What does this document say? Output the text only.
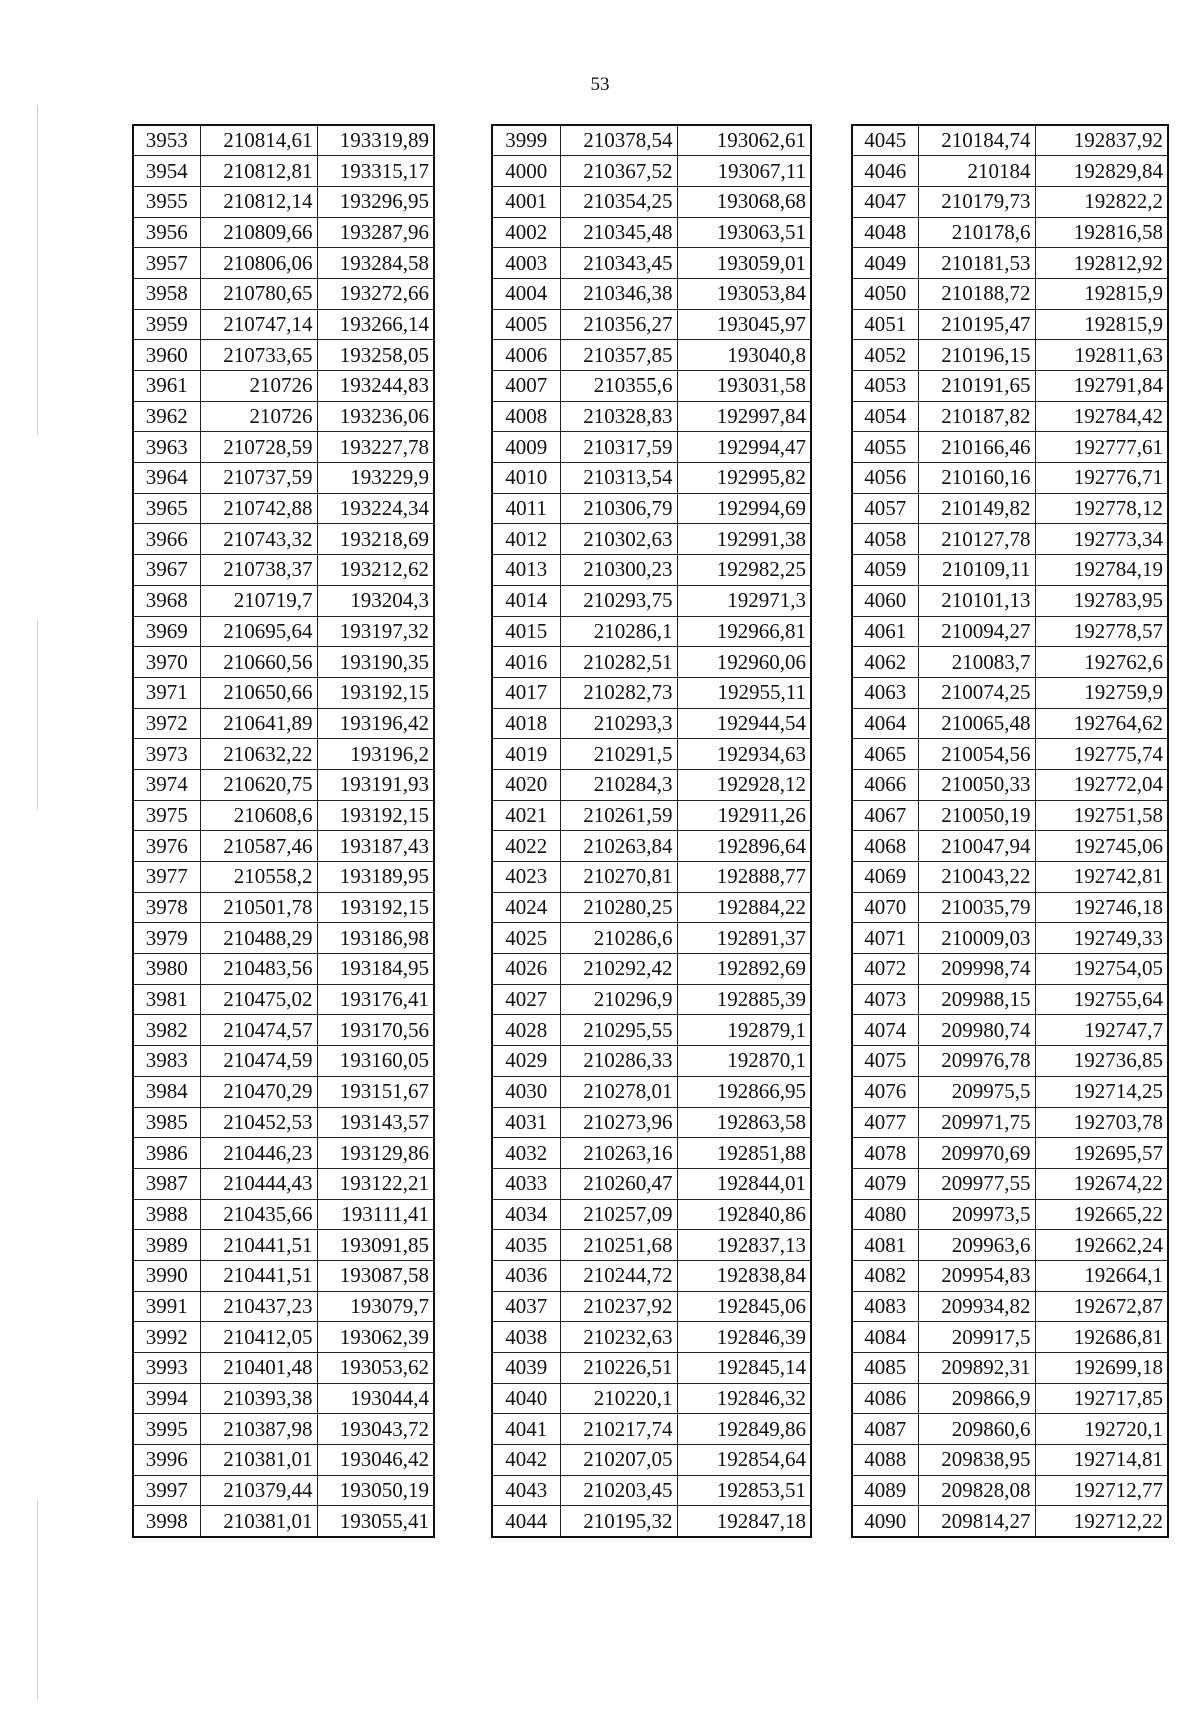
53
3953	210814,61	193319,89
3954	210812,81	193315,17
3955	210812,14	193296,95
3956	210809,66	193287,96
3957	210806,06	193284,58
3958	210780,65	193272,66
3959	210747,14	193266,14
3960	210733,65	193258,05
3961	210726	193244,83
3962	210726	193236,06
3963	210728,59	193227,78
3964	210737,59	193229,9
3965	210742,88	193224,34
3966	210743,32	193218,69
3967	210738,37	193212,62
3968	210719,7	193204,3
3969	210695,64	193197,32
3970	210660,56	193190,35
3971	210650,66	193192,15
3972	210641,89	193196,42
3973	210632,22	193196,2
3974	210620,75	193191,93
3975	210608,6	193192,15
3976	210587,46	193187,43
3977	210558,2	193189,95
3978	210501,78	193192,15
3979	210488,29	193186,98
3980	210483,56	193184,95
3981	210475,02	193176,41
3982	210474,57	193170,56
3983	210474,59	193160,05
3984	210470,29	193151,67
3985	210452,53	193143,57
3986	210446,23	193129,86
3987	210444,43	193122,21
3988	210435,66	193111,41
3989	210441,51	193091,85
3990	210441,51	193087,58
3991	210437,23	193079,7
3992	210412,05	193062,39
3993	210401,48	193053,62
3994	210393,38	193044,4
3995	210387,98	193043,72
3996	210381,01	193046,42
3997	210379,44	193050,19
3998	210381,01	193055,41
3999	210378,54	193062,61
4000	210367,52	193067,11
4001	210354,25	193068,68
4002	210345,48	193063,51
4003	210343,45	193059,01
4004	210346,38	193053,84
4005	210356,27	193045,97
4006	210357,85	193040,8
4007	210355,6	193031,58
4008	210328,83	192997,84
4009	210317,59	192994,47
4010	210313,54	192995,82
4011	210306,79	192994,69
4012	210302,63	192991,38
4013	210300,23	192982,25
4014	210293,75	192971,3
4015	210286,1	192966,81
4016	210282,51	192960,06
4017	210282,73	192955,11
4018	210293,3	192944,54
4019	210291,5	192934,63
4020	210284,3	192928,12
4021	210261,59	192911,26
4022	210263,84	192896,64
4023	210270,81	192888,77
4024	210280,25	192884,22
4025	210286,6	192891,37
4026	210292,42	192892,69
4027	210296,9	192885,39
4028	210295,55	192879,1
4029	210286,33	192870,1
4030	210278,01	192866,95
4031	210273,96	192863,58
4032	210263,16	192851,88
4033	210260,47	192844,01
4034	210257,09	192840,86
4035	210251,68	192837,13
4036	210244,72	192838,84
4037	210237,92	192845,06
4038	210232,63	192846,39
4039	210226,51	192845,14
4040	210220,1	192846,32
4041	210217,74	192849,86
4042	210207,05	192854,64
4043	210203,45	192853,51
4044	210195,32	192847,18
4045	210184,74	192837,92
4046	210184	192829,84
4047	210179,73	192822,2
4048	210178,6	192816,58
4049	210181,53	192812,92
4050	210188,72	192815,9
4051	210195,47	192815,9
4052	210196,15	192811,63
4053	210191,65	192791,84
4054	210187,82	192784,42
4055	210166,46	192777,61
4056	210160,16	192776,71
4057	210149,82	192778,12
4058	210127,78	192773,34
4059	210109,11	192784,19
4060	210101,13	192783,95
4061	210094,27	192778,57
4062	210083,7	192762,6
4063	210074,25	192759,9
4064	210065,48	192764,62
4065	210054,56	192775,74
4066	210050,33	192772,04
4067	210050,19	192751,58
4068	210047,94	192745,06
4069	210043,22	192742,81
4070	210035,79	192746,18
4071	210009,03	192749,33
4072	209998,74	192754,05
4073	209988,15	192755,64
4074	209980,74	192747,7
4075	209976,78	192736,85
4076	209975,5	192714,25
4077	209971,75	192703,78
4078	209970,69	192695,57
4079	209977,55	192674,22
4080	209973,5	192665,22
4081	209963,6	192662,24
4082	209954,83	192664,1
4083	209934,82	192672,87
4084	209917,5	192686,81
4085	209892,31	192699,18
4086	209866,9	192717,85
4087	209860,6	192720,1
4088	209838,95	192714,81
4089	209828,08	192712,77
4090	209814,27	192712,22
